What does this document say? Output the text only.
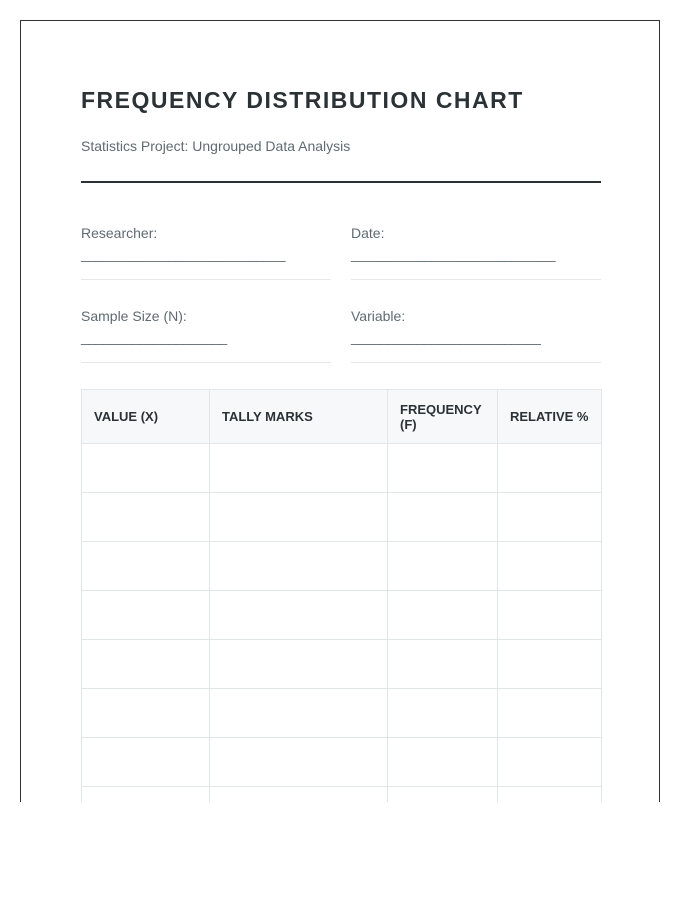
FREQUENCY DISTRIBUTION CHART
Statistics Project: Ungrouped Data Analysis
Researcher:
____________________________
Date:
____________________________
Sample Size (N):
____________________
Variable:
__________________________
VALUE (X)	TALLY MARKS	FREQUENCY (F)	RELATIVE %
